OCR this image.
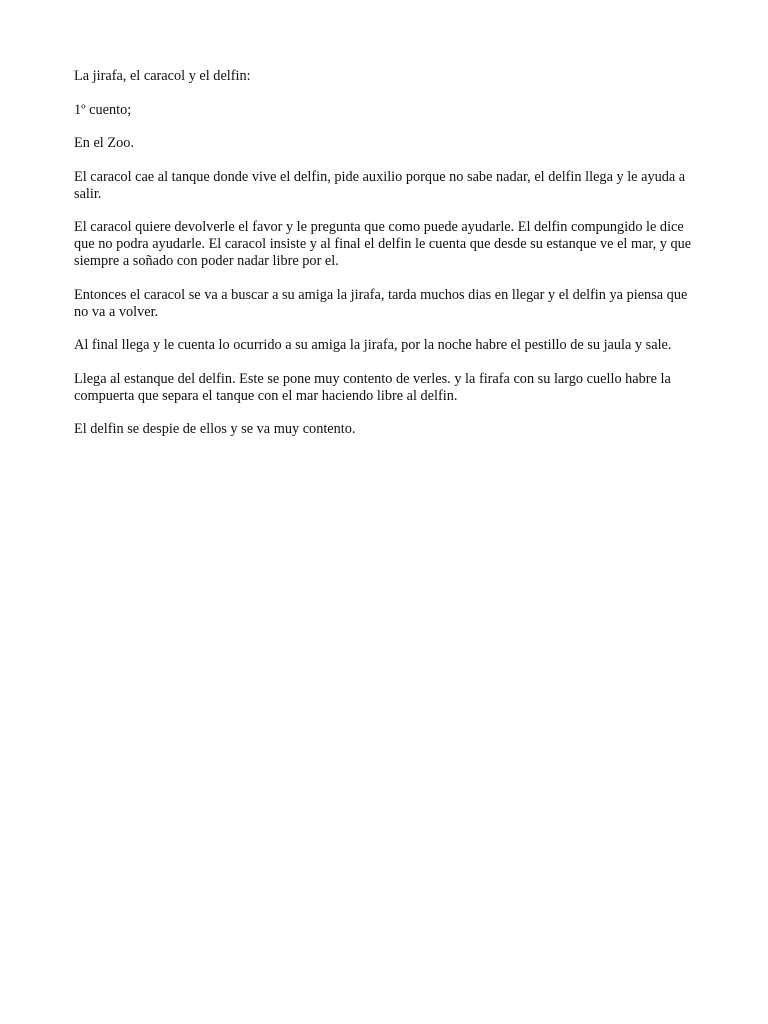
La jirafa, el caracol y el delfin:

1º cuento;

En el Zoo.

El caracol cae al tanque donde vive el delfin, pide auxilio porque no sabe nadar, el delfin llega y le ayuda a salir.

El caracol quiere devolverle el favor y le pregunta que como puede ayudarle. El delfin compungido le dice que no podra ayudarle. El caracol insiste y al final el delfin le cuenta que desde su estanque ve el mar, y que siempre a soñado con poder nadar libre por el.

Entonces el caracol se va a buscar a su amiga la jirafa, tarda muchos dias en llegar y el delfin ya piensa que no va a volver.

Al final llega y le cuenta lo ocurrido a su amiga la jirafa, por la noche habre el pestillo de su jaula y sale.

Llega al estanque del delfin. Este se pone muy contento de verles. y la firafa con su largo cuello habre la compuerta que separa el tanque con el mar haciendo libre al delfin.

El delfin se despie de ellos y se va muy contento.
